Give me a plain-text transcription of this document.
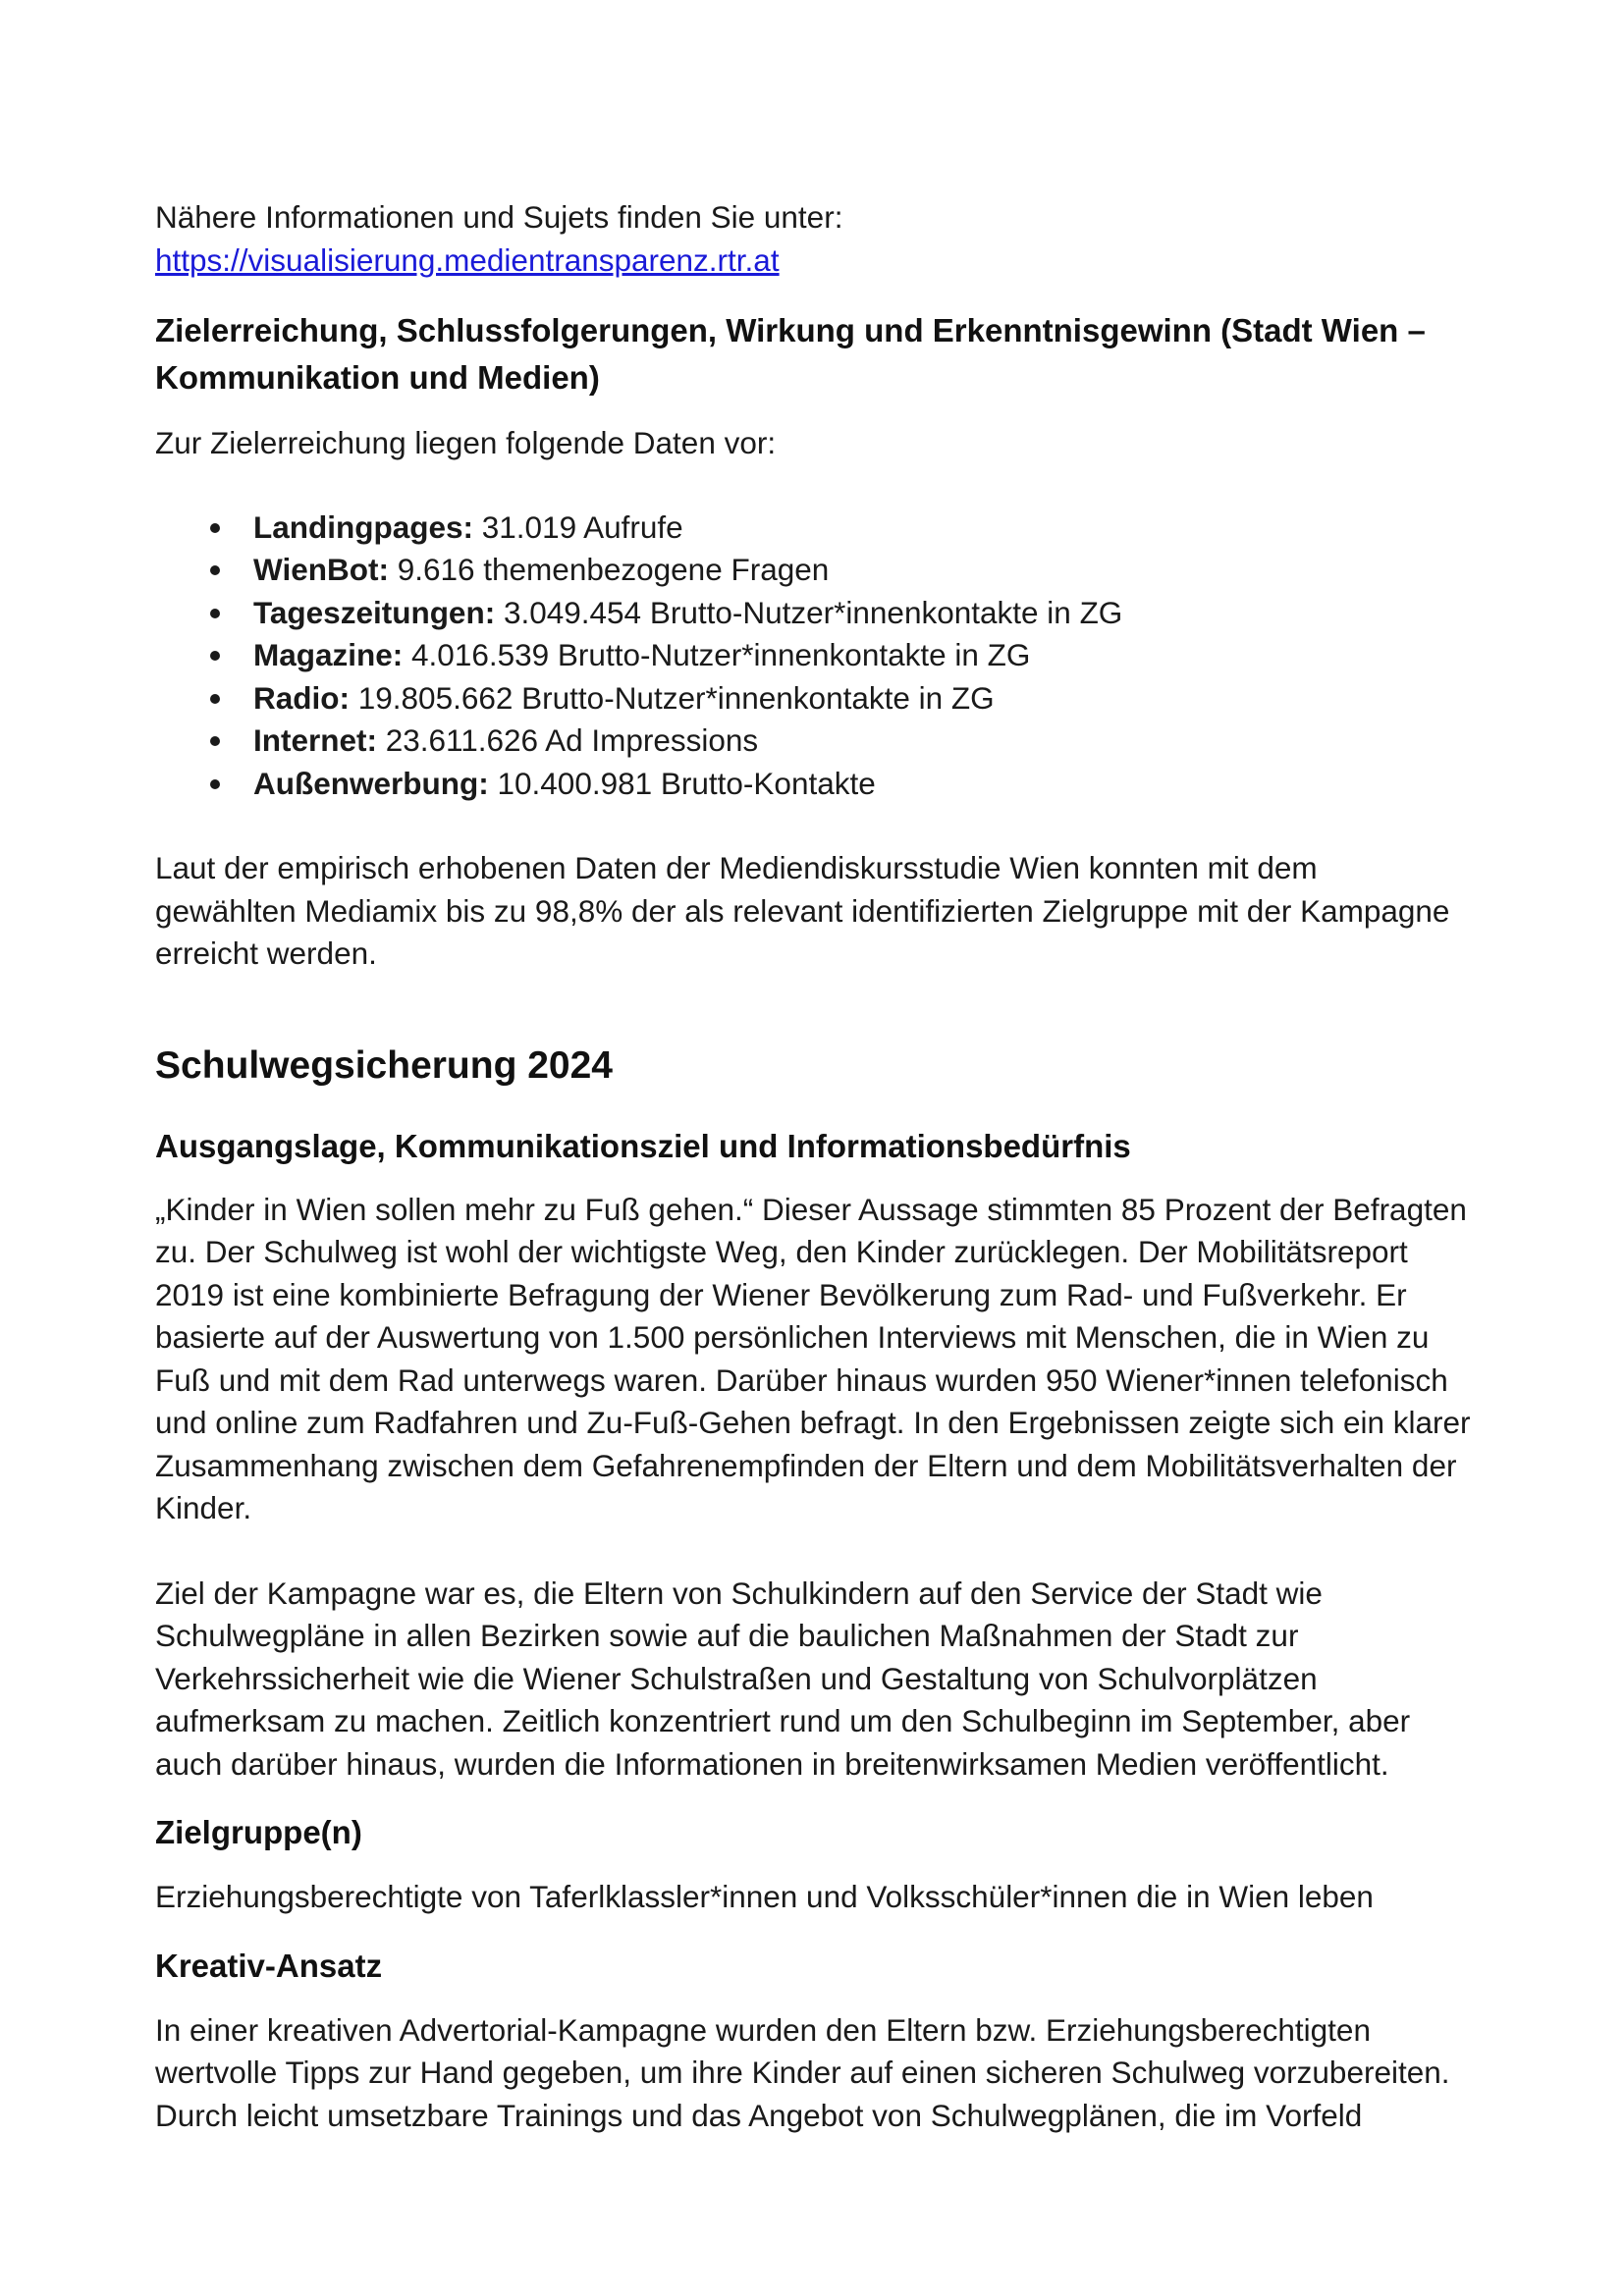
Nähere Informationen und Sujets finden Sie unter:

https://visualisierung.medientransparenz.rtr.at

Zielerreichung, Schlussfolgerungen, Wirkung und Erkenntnisgewinn (Stadt Wien –
Kommunikation und Medien)

Zur Zielerreichung liegen folgende Daten vor:

Landingpages: 31.019 Aufrufe
WienBot: 9.616 themenbezogene Fragen
Tageszeitungen: 3.049.454 Brutto-Nutzer*innenkontakte in ZG
Magazine: 4.016.539 Brutto-Nutzer*innenkontakte in ZG
Radio: 19.805.662 Brutto-Nutzer*innenkontakte in ZG
Internet: 23.611.626 Ad Impressions
Außenwerbung: 10.400.981 Brutto-Kontakte

Laut der empirisch erhobenen Daten der Mediendiskursstudie Wien konnten mit dem
gewählten Mediamix bis zu 98,8% der als relevant identifizierten Zielgruppe mit der Kampagne
erreicht werden.

Schulwegsicherung 2024
Ausgangslage, Kommunikationsziel und Informationsbedürfnis

„Kinder in Wien sollen mehr zu Fuß gehen.“ Dieser Aussage stimmten 85 Prozent der Befragten
zu. Der Schulweg ist wohl der wichtigste Weg, den Kinder zurücklegen. Der Mobilitätsreport
2019 ist eine kombinierte Befragung der Wiener Bevölkerung zum Rad- und Fußverkehr. Er
basierte auf der Auswertung von 1.500 persönlichen Interviews mit Menschen, die in Wien zu
Fuß und mit dem Rad unterwegs waren. Darüber hinaus wurden 950 Wiener*innen telefonisch
und online zum Radfahren und Zu-Fuß-Gehen befragt. In den Ergebnissen zeigte sich ein klarer
Zusammenhang zwischen dem Gefahrenempfinden der Eltern und dem Mobilitätsverhalten der
Kinder.

Ziel der Kampagne war es, die Eltern von Schulkindern auf den Service der Stadt wie
Schulwegpläne in allen Bezirken sowie auf die baulichen Maßnahmen der Stadt zur
Verkehrssicherheit wie die Wiener Schulstraßen und Gestaltung von Schulvorplätzen
aufmerksam zu machen. Zeitlich konzentriert rund um den Schulbeginn im September, aber
auch darüber hinaus, wurden die Informationen in breitenwirksamen Medien veröffentlicht.

Zielgruppe(n)

Erziehungsberechtigte von Taferlklassler*innen und Volksschüler*innen die in Wien leben

Kreativ-Ansatz

In einer kreativen Advertorial-Kampagne wurden den Eltern bzw. Erziehungsberechtigten
wertvolle Tipps zur Hand gegeben, um ihre Kinder auf einen sicheren Schulweg vorzubereiten.
Durch leicht umsetzbare Trainings und das Angebot von Schulwegplänen, die im Vorfeld
